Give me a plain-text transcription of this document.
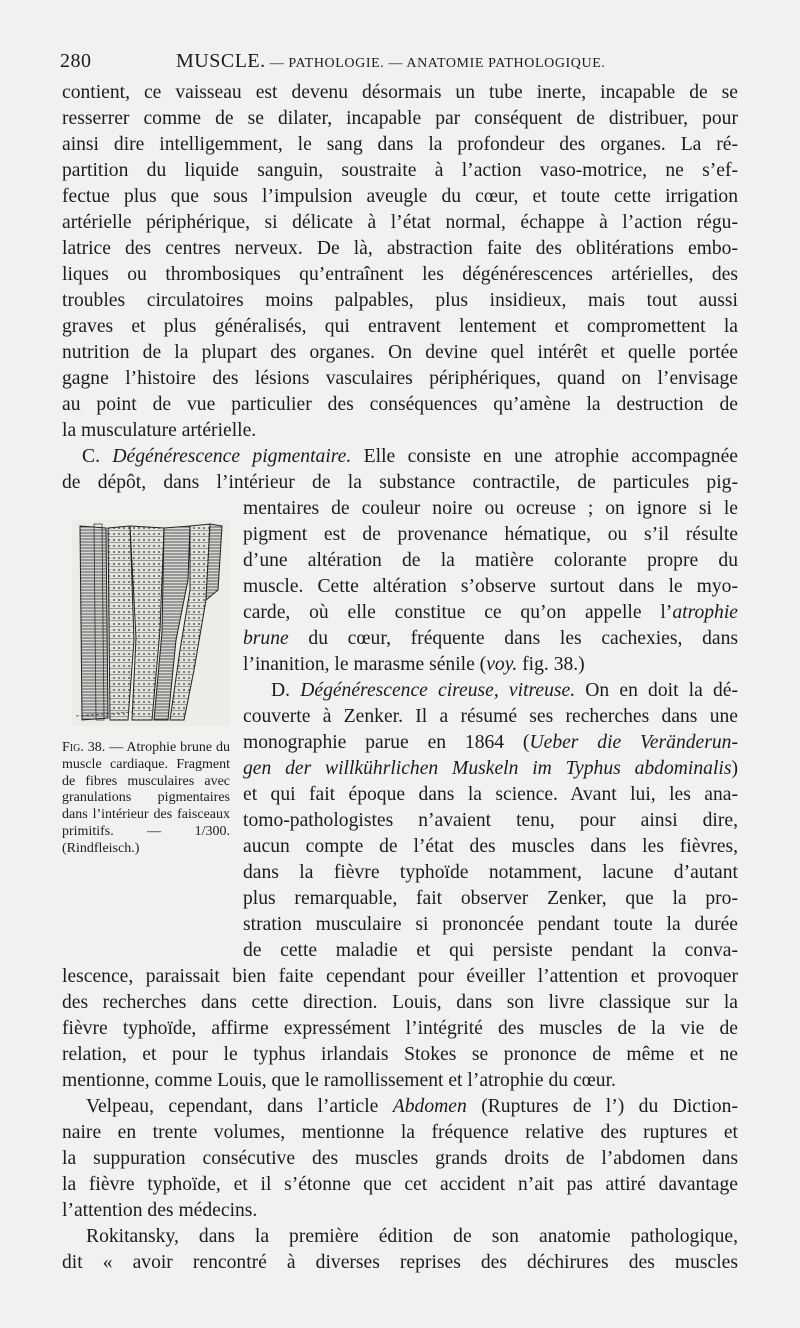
280	MUSCLE. — PATHOLOGIE. — ANATOMIE PATHOLOGIQUE.
contient, ce vaisseau est devenu désormais un tube inerte, incapable de se
resserrer comme de se dilater, incapable par conséquent de distribuer, pour
ainsi dire intelligemment, le sang dans la profondeur des organes. La ré-
partition du liquide sanguin, soustraite à l’action vaso-motrice, ne s’ef-
fectue plus que sous l’impulsion aveugle du cœur, et toute cette irrigation
artérielle périphérique, si délicate à l’état normal, échappe à l’action régu-
latrice des centres nerveux. De là, abstraction faite des oblitérations embo-
liques ou thrombosiques qu’entraînent les dégénérescences artérielles, des
troubles circulatoires moins palpables, plus insidieux, mais tout aussi
graves et plus généralisés, qui entravent lentement et compromettent la
nutrition de la plupart des organes. On devine quel intérêt et quelle portée
gagne l’histoire des lésions vasculaires périphériques, quand on l’envisage
au point de vue particulier des conséquences qu’amène la destruction de
la musculature artérielle.
C. Dégénérescence pigmentaire. Elle consiste en une atrophie accompagnée
de dépôt, dans l’intérieur de la substance contractile, de particules pig-
mentaires de couleur noire ou ocreuse ; on ignore si le
pigment est de provenance hématique, ou s’il résulte
d’une altération de la matière colorante propre du
muscle. Cette altération s’observe surtout dans le myo-
carde, où elle constitue ce qu’on appelle l’atrophie
brune du cœur, fréquente dans les cachexies, dans
l’inanition, le marasme sénile (voy. fig. 38.)
D. Dégénérescence cireuse, vitreuse. On en doit la dé-
couverte à Zenker. Il a résumé ses recherches dans une
monographie parue en 1864 (Ueber die Veränderun-
gen der willkührlichen Muskeln im Typhus abdominalis)
et qui fait époque dans la science. Avant lui, les ana-
tomo-pathologistes n’avaient tenu, pour ainsi dire,
aucun compte de l’état des muscles dans les fièvres,
dans la fièvre typhoïde notamment, lacune d’autant
plus remarquable, fait observer Zenker, que la pro-
stration musculaire si prononcée pendant toute la durée
de cette maladie et qui persiste pendant la conva-
lescence, paraissait bien faite cependant pour éveiller l’attention et provoquer
des recherches dans cette direction. Louis, dans son livre classique sur la
fièvre typhoïde, affirme expressément l’intégrité des muscles de la vie de
relation, et pour le typhus irlandais Stokes se prononce de même et ne
mentionne, comme Louis, que le ramollissement et l’atrophie du cœur.
Velpeau, cependant, dans l’article Abdomen (Ruptures de l’) du Diction-
naire en trente volumes, mentionne la fréquence relative des ruptures et
la suppuration consécutive des muscles grands droits de l’abdomen dans
la fièvre typhoïde, et il s’étonne que cet accident n’ait pas attiré davantage
l’attention des médecins.
Rokitansky, dans la première édition de son anatomie pathologique,
dit « avoir rencontré à diverses reprises des déchirures des muscles
Fig. 38. — Atrophie brune du muscle cardiaque. Fragment de fibres musculaires avec granulations pigmentaires dans l’intérieur des faisceaux primitifs. — 1/300. (Rindfleisch.)
